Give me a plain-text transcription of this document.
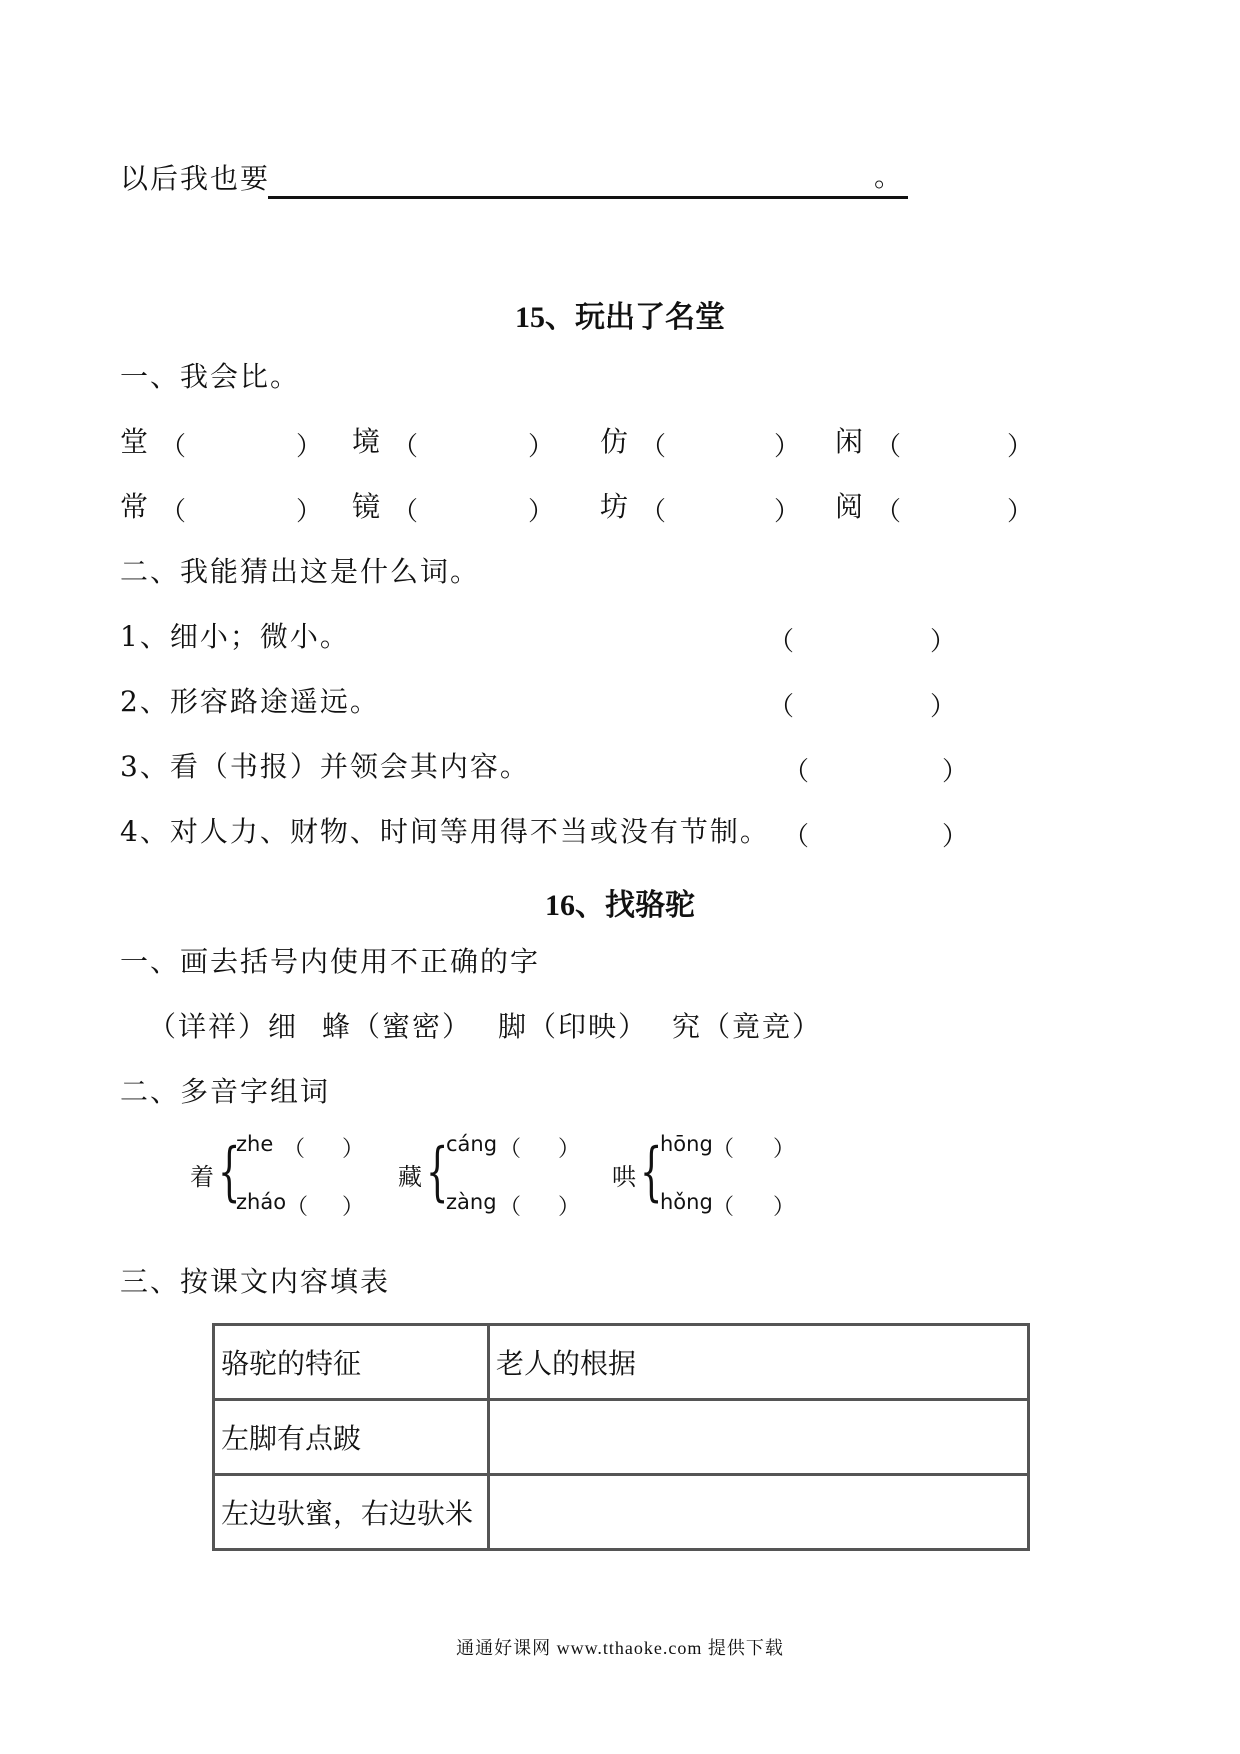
以后我也要	。
15、玩出了名堂
一、我会比。
堂 （	） 境 （	） 仿 （	） 闲 （	）
常 （	） 镜 （	） 坊 （	） 阅 （	）
二、我能猜出这是什么词。
1、细小；微小。	（	）
2、形容路途遥远。	（	）
3、看（书报）并领会其内容。	（	）
4、对人力、财物、时间等用得不当或没有节制。 （	）
16、找骆驼
一、画去括号内使用不正确的字
（详祥）细 蜂（蜜密） 脚（印映） 究（竟竞）
二、多音字组词
着 {
zhe （ ）
zháo （ ）
藏 {
cáng （ ）
zàng （ ）
哄 {
hōng （ ）
hǒng （ ）
三、按课文内容填表
骆驼的特征	老人的根据
左脚有点跛	
左边驮蜜，右边驮米	
通通好课网 www.tthaoke.com 提供下载
